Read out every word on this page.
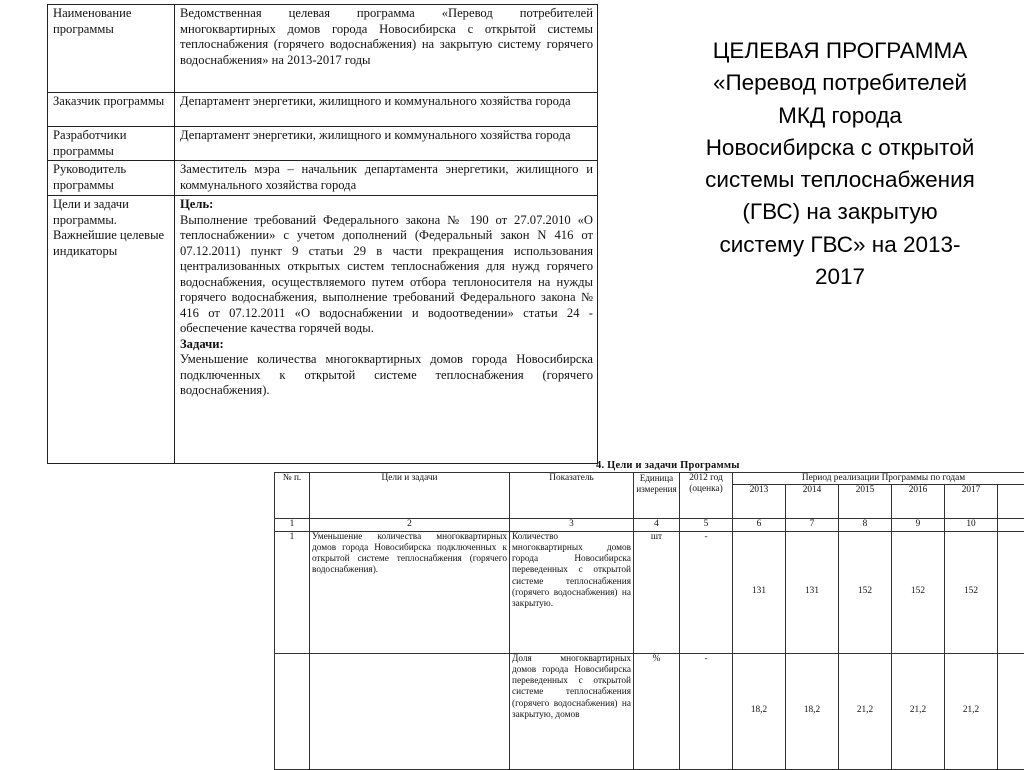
Наименование программы	Ведомственная целевая программа «Перевод потребителей многоквартирных домов города Новосибирска с открытой системы теплоснабжения (горячего водоснабжения) на закрытую систему горячего водоснабжения» на 2013-2017 годы
Заказчик программы	Департамент энергетики, жилищного и коммунального хозяйства города
Разработчики программы	Департамент энергетики, жилищного и коммунального хозяйства города
Руководитель программы	Заместитель мэра – начальник департамента энергетики, жилищного и коммунального хозяйства города
Цели и задачи программы. Важнейшие целевые индикаторы	Цель:
Выполнение требований Федерального закона № 190 от 27.07.2010 «О теплоснабжении» с учетом дополнений (Федеральный закон N 416 от 07.12.2011) пункт 9 статьи 29 в части прекращения использования централизованных открытых систем теплоснабжения для нужд горячего водоснабжения, осуществляемого путем отбора теплоносителя на нужды горячего водоснабжения, выполнение требований Федерального закона № 416 от 07.12.2011 «О водоснабжении и водоотведении» статьи 24 - обеспечение качества горячей воды.
Задачи:
Уменьшение количества многоквартирных домов города Новосибирска подключенных к открытой системе теплоснабжения (горячего водоснабжения).
ЦЕЛЕВАЯ ПРОГРАММА
«Перевод потребителей
МКД города
Новосибирска с открытой
системы теплоснабжения
(ГВС) на закрытую
систему ГВС» на 2013-
2017
4. Цели и задачи Программы
№ п.	Цели и задачи	Показатель	Единица измерения	2012 год (оценка)	Период реализации Программы по годам					
					2013	2014	2015	2016	2017	
1	2	3	4	5	6	7	8	9	10	
1	Уменьшение количества многоквартирных домов города Новосибирска подключенных к открытой системе теплоснабжения (горячего водоснабжения).	Количество многоквартирных домов города Новосибирска переведенных с открытой системе теплоснабжения (горячего водоснабжения) на закрытую.	шт	-	131	131	152	152	152	
		Доля многоквартирных домов города Новосибирска переведенных с открытой системе теплоснабжения (горячего водоснабжения) на закрытую, домов	%	-	18,2	18,2	21,2	21,2	21,2	
